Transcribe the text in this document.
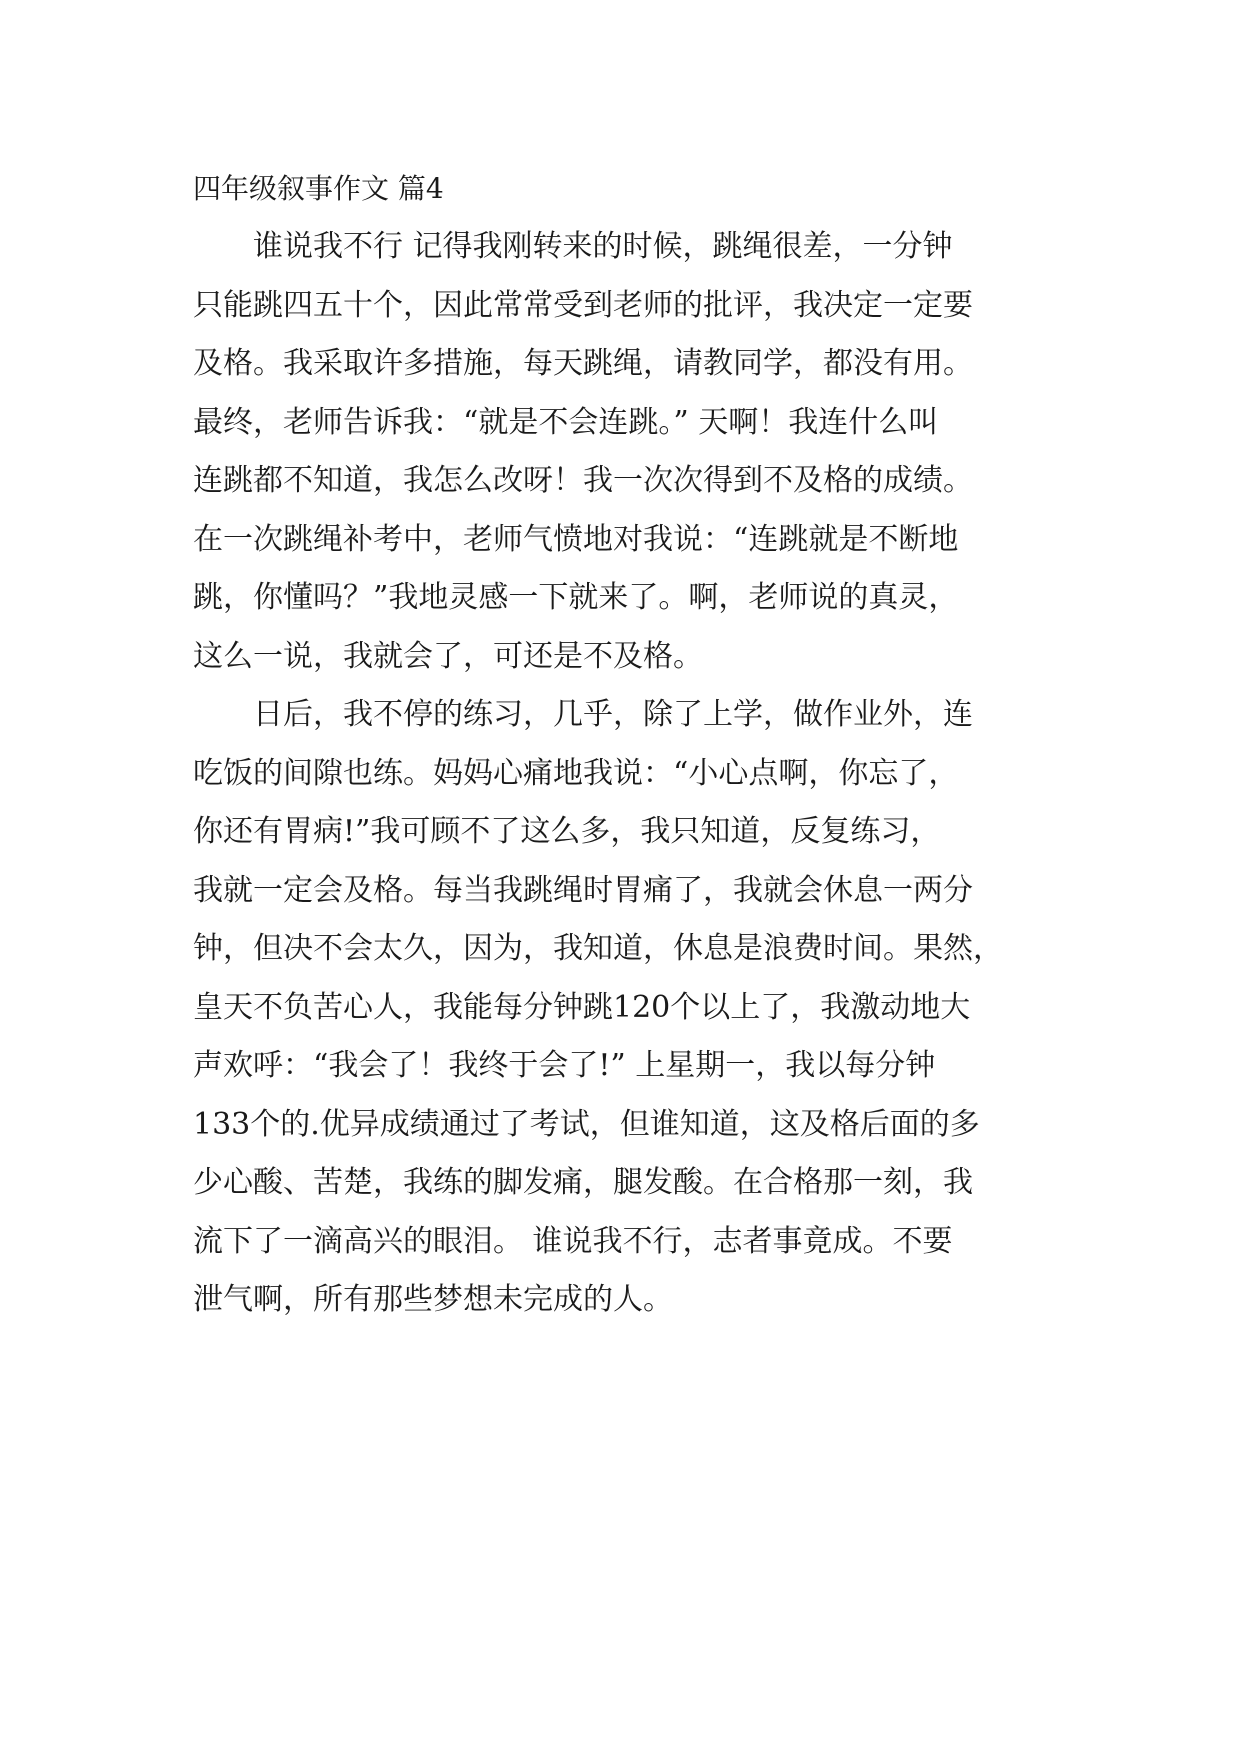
四年级叙事作文 篇4

谁说我不行 记得我刚转来的时候，跳绳很差，一分钟
只能跳四五十个，因此常常受到老师的批评，我决定一定要
及格。我采取许多措施，每天跳绳，请教同学，都没有用。
最终，老师告诉我：“就是不会连跳。” 天啊！我连什么叫
连跳都不知道，我怎么改呀！我一次次得到不及格的成绩。
在一次跳绳补考中，老师气愤地对我说：“连跳就是不断地
跳，你懂吗？”我地灵感一下就来了。啊，老师说的真灵，
这么一说，我就会了，可还是不及格。

日后，我不停的练习，几乎，除了上学，做作业外，连
吃饭的间隙也练。妈妈心痛地我说：“小心点啊，你忘了，
你还有胃病!”我可顾不了这么多，我只知道，反复练习，
我就一定会及格。每当我跳绳时胃痛了，我就会休息一两分
钟，但决不会太久，因为，我知道，休息是浪费时间。果然，
皇天不负苦心人，我能每分钟跳120个以上了，我激动地大
声欢呼：“我会了！我终于会了!” 上星期一，我以每分钟
133个的.优异成绩通过了考试，但谁知道，这及格后面的多
少心酸、苦楚，我练的脚发痛，腿发酸。在合格那一刻，我
流下了一滴高兴的眼泪。 谁说我不行，志者事竟成。不要
泄气啊，所有那些梦想未完成的人。
